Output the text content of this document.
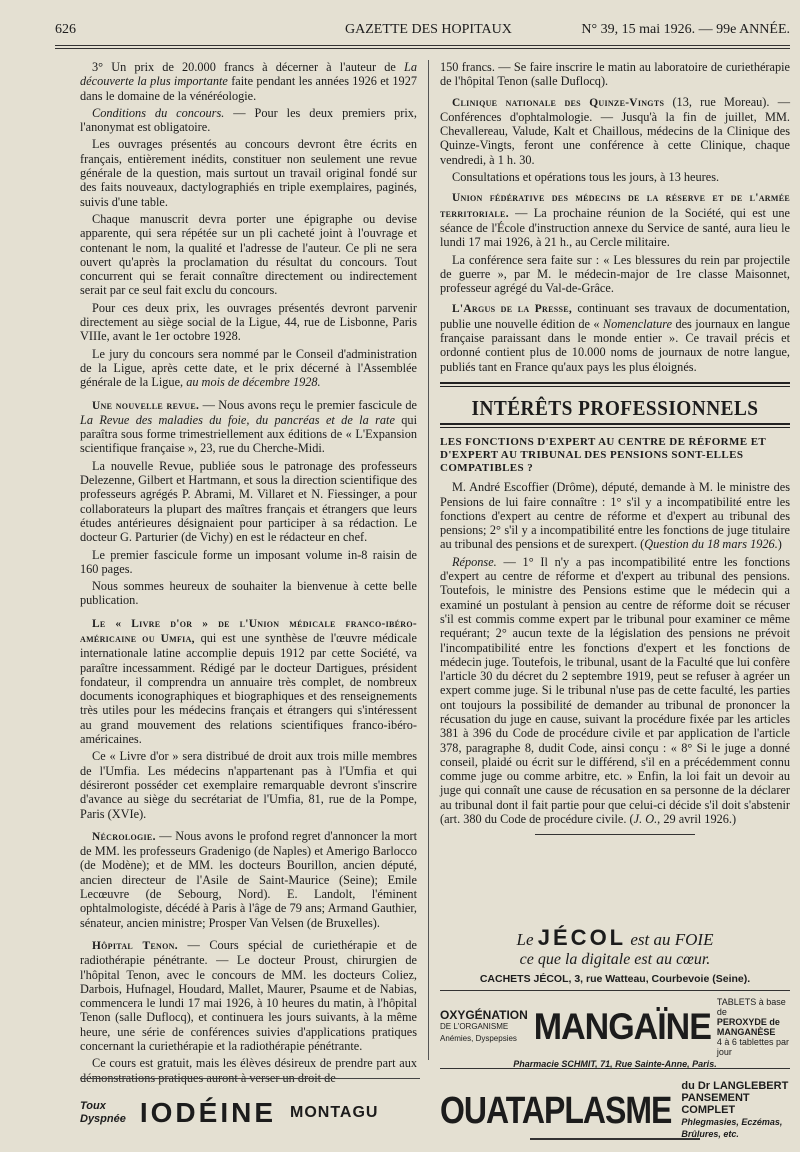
626	GAZETTE DES HOPITAUX	N° 39, 15 mai 1926. — 99e ANNÉE.

3° Un prix de 20.000 francs à décerner à l'auteur de La découverte la plus importante faite pendant les années 1926 et 1927 dans le domaine de la vénéréologie.

Conditions du concours. — Pour les deux premiers prix, l'anonymat est obligatoire.

Les ouvrages présentés au concours devront être écrits en français, entièrement inédits, constituer non seulement une revue générale de la question, mais surtout un travail original fondé sur des faits nouveaux, dactylographiés en triple exemplaires, paginés, suivis d'une table.

Chaque manuscrit devra porter une épigraphe ou devise apparente, qui sera répétée sur un pli cacheté joint à l'ouvrage et contenant le nom, la qualité et l'adresse de l'auteur. Ce pli ne sera ouvert qu'après la proclamation du résultat du concours. Tout concurrent qui se ferait connaître directement ou indirectement serait par ce seul fait exclu du concours.

Pour ces deux prix, les ouvrages présentés devront parvenir directement au siège social de la Ligue, 44, rue de Lisbonne, Paris VIIIe, avant le 1er octobre 1928.

Le jury du concours sera nommé par le Conseil d'administration de la Ligue, après cette date, et le prix décerné à l'Assemblée générale de la Ligue, au mois de décembre 1928.

Une nouvelle revue. — Nous avons reçu le premier fascicule de La Revue des maladies du foie, du pancréas et de la rate qui paraîtra sous forme trimestriellement aux éditions de « L'Expansion scientifique française », 23, rue du Cherche-Midi.

La nouvelle Revue, publiée sous le patronage des professeurs Delezenne, Gilbert et Hartmann, et sous la direction scientifique des professeurs agrégés P. Abrami, M. Villaret et N. Fiessinger, a pour collaborateurs la plupart des maîtres français et étrangers que leurs études antérieures désignaient pour participer à sa rédaction. Le docteur G. Parturier (de Vichy) en est le rédacteur en chef.

Le premier fascicule forme un imposant volume in-8 raisin de 160 pages.

Nous sommes heureux de souhaiter la bienvenue à cette belle publication.

Le « Livre d'or » de l'Union médicale franco-ibéro-américaine ou Umfia, qui est une synthèse de l'œuvre médicale internationale latine accomplie depuis 1912 par cette Société, va paraître incessamment. Rédigé par le docteur Dartigues, président fondateur, il comprendra un annuaire très complet, de nombreux documents iconographiques et biographiques et des renseignements très utiles pour les médecins français et étrangers qui s'intéressent au grand mouvement des relations scientifiques franco-ibéro-américaines.

Ce « Livre d'or » sera distribué de droit aux trois mille membres de l'Umfia. Les médecins n'appartenant pas à l'Umfia et qui désireront posséder cet exemplaire remarquable devront s'inscrire d'avance au siège du secrétariat de l'Umfia, 81, rue de la Pompe, Paris (XVIe).

Nécrologie. — Nous avons le profond regret d'annoncer la mort de MM. les professeurs Gradenigo (de Naples) et Amerigo Barlocco (de Modène); et de MM. les docteurs Bourillon, ancien député, ancien directeur de l'Asile de Saint-Maurice (Seine); Emile Lecœuvre (de Sebourg, Nord). E. Landolt, l'éminent ophtalmologiste, décédé à Paris à l'âge de 79 ans; Armand Gauthier, sénateur, ancien ministre; Prosper Van Velsen (de Bruxelles).

Hôpital Tenon. — Cours spécial de curiethérapie et de radiothérapie pénétrante. — Le docteur Proust, chirurgien de l'hôpital Tenon, avec le concours de MM. les docteurs Coliez, Darbois, Hufnagel, Houdard, Mallet, Maurer, Psaume et de Nabias, commencera le lundi 17 mai 1926, à 10 heures du matin, à l'hôpital Tenon (salle Duflocq), et continuera les jours suivants, à la même heure, une série de conférences suivies d'applications pratiques concernant la curiethérapie et la radiothérapie pénétrante.

Ce cours est gratuit, mais les élèves désireux de prendre part aux démonstrations pratiques auront à verser un droit de

150 francs. — Se faire inscrire le matin au laboratoire de curiethérapie de l'hôpital Tenon (salle Duflocq).

Clinique nationale des Quinze-Vingts (13, rue Moreau). — Conférences d'ophtalmologie. — Jusqu'à la fin de juillet, MM. Chevallereau, Valude, Kalt et Chaillous, médecins de la Clinique des Quinze-Vingts, feront une conférence à cette Clinique, chaque vendredi, à 1 h. 30.

Consultations et opérations tous les jours, à 13 heures.

Union fédérative des médecins de la réserve et de l'armée territoriale. — La prochaine réunion de la Société, qui est une séance de l'École d'instruction annexe du Service de santé, aura lieu le lundi 17 mai 1926, à 21 h., au Cercle militaire.

La conférence sera faite sur : « Les blessures du rein par projectile de guerre », par M. le médecin-major de 1re classe Maisonnet, professeur agrégé du Val-de-Grâce.

L'Argus de la Presse, continuant ses travaux de documentation, publie une nouvelle édition de « Nomenclature des journaux en langue française paraissant dans le monde entier ». Ce travail précis et ordonné contient plus de 10.000 noms de journaux de notre langue, publiés tant en France qu'aux pays les plus éloignés.

INTÉRÊTS PROFESSIONNELS
LES FONCTIONS D'EXPERT AU CENTRE DE RÉFORME ET D'EXPERT AU TRIBUNAL DES PENSIONS SONT-ELLES COMPATIBLES ?

M. André Escoffier (Drôme), député, demande à M. le ministre des Pensions de lui faire connaître : 1° s'il y a incompatibilité entre les fonctions d'expert au centre de réforme et d'expert au tribunal des pensions; 2° s'il y a incompatibilité entre les fonctions de juge titulaire au tribunal des pensions et de surexpert. (Question du 18 mars 1926.)

Réponse. — 1° Il n'y a pas incompatibilité entre les fonctions d'expert au centre de réforme et d'expert au tribunal des pensions. Toutefois, le ministre des Pensions estime que le médecin qui a examiné un postulant à pension au centre de réforme doit se récuser s'il est commis comme expert par le tribunal pour examiner ce même requérant; 2° aucun texte de la législation des pensions ne prévoit l'incompatibilité entre les fonctions d'expert et les fonctions de médecin juge. Toutefois, le tribunal, usant de la Faculté que lui confère l'article 30 du décret du 2 septembre 1919, peut se refuser à agréer un expert comme juge. Si le tribunal n'use pas de cette faculté, les parties ont toujours la possibilité de demander au tribunal de prononcer la récusation du juge en cause, suivant la procédure fixée par les articles 381 à 396 du Code de procédure civile et par application de l'article 378, paragraphe 8, dudit Code, ainsi conçu : « 8° Si le juge a donné conseil, plaidé ou écrit sur le différend, s'il en a précédemment connu comme juge ou comme arbitre, etc. » Enfin, la loi fait un devoir au juge qui connaît une cause de récusation en sa personne de la déclarer au tribunal dont il fait partie pour que celui-ci décide s'il doit s'abstenir (art. 380 du Code de procédure civile. (J. O., 29 avril 1926.)

Le JÉCOL est au FOIE
ce que la digitale est au cœur.
CACHETS JÉCOL, 3, rue Watteau, Courbevoie (Seine).
OXYGÉNATION
DE L'ORGANISME
Anémies, Dyspepsies MANGAÏNE
TABLETS à base de
PEROXYDE de MANGANÈSE
4 à 6 tablettes par jour
Pharmacie SCHMIT, 71, Rue Sainte-Anne, Paris.
OUATAPLASME
du Dr LANGLEBERT
PANSEMENT COMPLET
Phlegmasies, Eczémas, Brûlures, etc.
Toux
Dyspnée IODÉINE MONTAGU
